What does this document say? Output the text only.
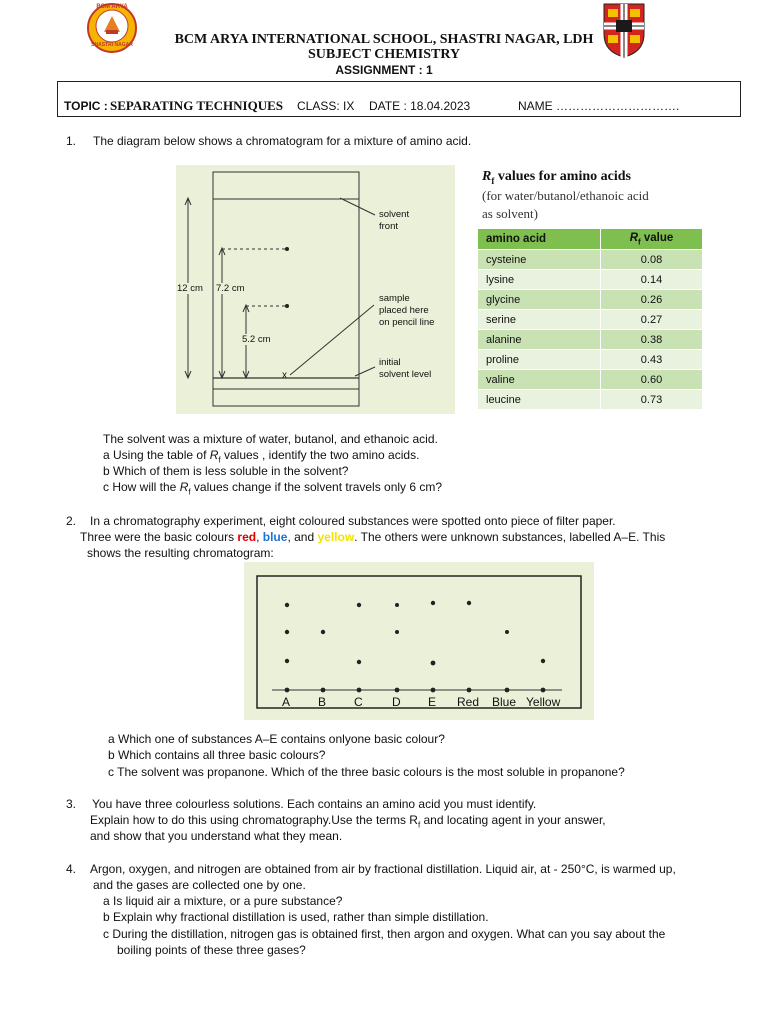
BCM ARYA
SHASTRI NAGAR	BCM ARYA INTERNATIONAL SCHOOL, SHASTRI NAGAR, LDH
SUBJECT CHEMISTRY
ASSIGNMENT : 1
TOPIC : SEPARATING TECHNIQUES CLASS: IX DATE : 18.04.2023	NAME ………………………….
1. The diagram below shows a chromatogram for a mixture of amino acid.
x
12 cm 7.2 cm
5.2 cm
solvent
front
sample
placed here
on pencil line
initial
solvent level
$R_f$ values for amino acids
(for water/butanol/ethanoic acid
as solvent)
amino acid	$R_f$ value
cysteine	0.08
lysine	0.14
glycine	0.26
serine	0.27
alanine	0.38
proline	0.43
valine	0.60
leucine	0.73
The solvent was a mixture of water, butanol, and ethanoic acid.
a Using the table of $R_f$ values , identify the two amino acids.
b Which of them is less soluble in the solvent?
c How will the $R_f$ values change if the solvent travels only 6 cm?
2. In a chromatography experiment, eight coloured substances were spotted onto piece of filter paper.
Three were the basic colours red, blue, and yellow. The others were unknown substances, labelled A–E. This
shows the resulting chromatogram:
A B C D E Red Blue Yellow
a Which one of substances A–E contains onlyone basic colour?
b Which contains all three basic colours?
c The solvent was propanone. Which of the three basic colours is the most soluble in propanone?
3. You have three colourless solutions. Each contains an amino acid you must identify.
Explain how to do this using chromatography.Use the terms $R_f$ and locating agent in your answer,
and show that you understand what they mean.
4. Argon, oxygen, and nitrogen are obtained from air by fractional distillation. Liquid air, at - 250°C, is warmed up,
and the gases are collected one by one.
a Is liquid air a mixture, or a pure substance?
b Explain why fractional distillation is used, rather than simple distillation.
c During the distillation, nitrogen gas is obtained first, then argon and oxygen. What can you say about the
boiling points of these three gases?
